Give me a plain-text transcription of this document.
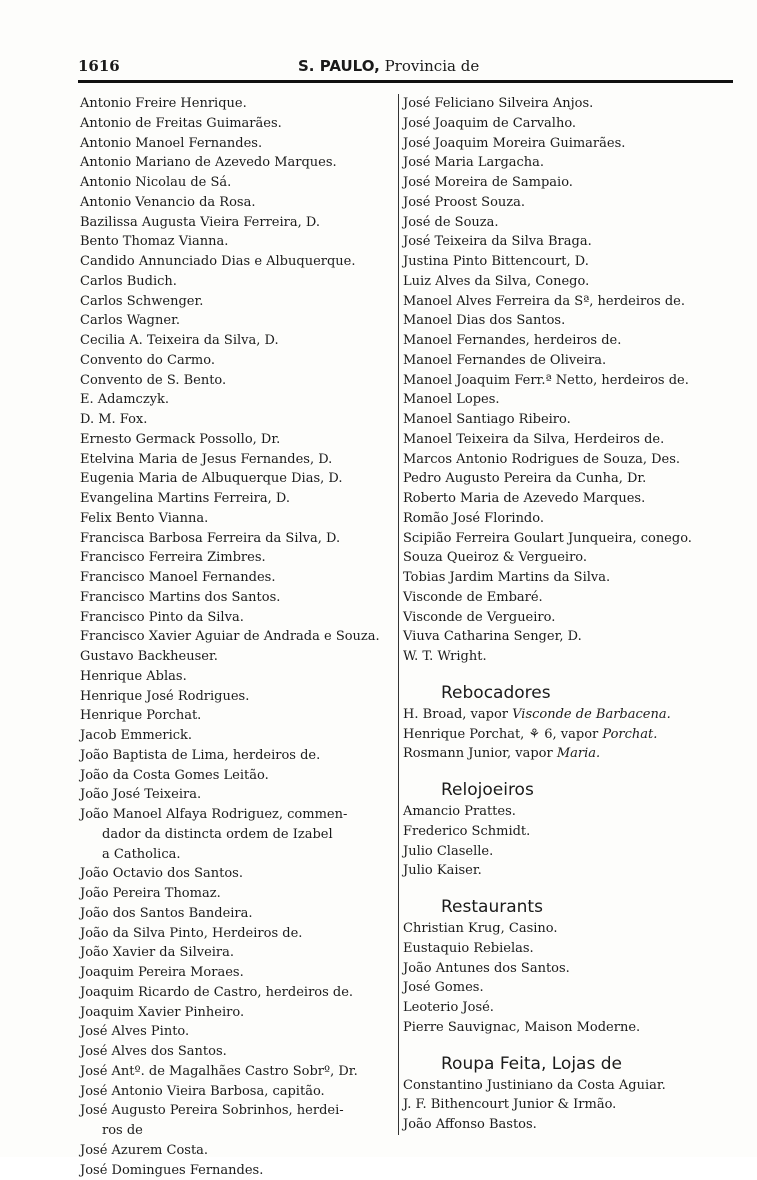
1616	S. PAULO, Provincia de
Antonio Freire Henrique.
Antonio de Freitas Guimarães.
Antonio Manoel Fernandes.
Antonio Mariano de Azevedo Marques.
Antonio Nicolau de Sá.
Antonio Venancio da Rosa.
Bazilissa Augusta Vieira Ferreira, D.
Bento Thomaz Vianna.
Candido Annunciado Dias e Albuquerque.
Carlos Budich.
Carlos Schwenger.
Carlos Wagner.
Cecilia A. Teixeira da Silva, D.
Convento do Carmo.
Convento de S. Bento.
E. Adamczyk.
D. M. Fox.
Ernesto Germack Possollo, Dr.
Etelvina Maria de Jesus Fernandes, D.
Eugenia Maria de Albuquerque Dias, D.
Evangelina Martins Ferreira, D.
Felix Bento Vianna.
Francisca Barbosa Ferreira da Silva, D.
Francisco Ferreira Zimbres.
Francisco Manoel Fernandes.
Francisco Martins dos Santos.
Francisco Pinto da Silva.
Francisco Xavier Aguiar de Andrada e Souza.
Gustavo Backheuser.
Henrique Ablas.
Henrique José Rodrigues.
Henrique Porchat.
Jacob Emmerick.
João Baptista de Lima, herdeiros de.
João da Costa Gomes Leitão.
João José Teixeira.
João Manoel Alfaya Rodriguez, commen-
dador da distincta ordem de Izabel
a Catholica.
João Octavio dos Santos.
João Pereira Thomaz.
João dos Santos Bandeira.
João da Silva Pinto, Herdeiros de.
João Xavier da Silveira.
Joaquim Pereira Moraes.
Joaquim Ricardo de Castro, herdeiros de.
Joaquim Xavier Pinheiro.
José Alves Pinto.
José Alves dos Santos.
José Antº. de Magalhães Castro Sobrº, Dr.
José Antonio Vieira Barbosa, capitão.
José Augusto Pereira Sobrinhos, herdei-
ros de
José Azurem Costa.
José Domingues Fernandes.
José Feliciano Silveira Anjos.
José Joaquim de Carvalho.
José Joaquim Moreira Guimarães.
José Maria Largacha.
José Moreira de Sampaio.
José Proost Souza.
José de Souza.
José Teixeira da Silva Braga.
Justina Pinto Bittencourt, D.
Luiz Alves da Silva, Conego.
Manoel Alves Ferreira da Sª, herdeiros de.
Manoel Dias dos Santos.
Manoel Fernandes, herdeiros de.
Manoel Fernandes de Oliveira.
Manoel Joaquim Ferr.ª Netto, herdeiros de.
Manoel Lopes.
Manoel Santiago Ribeiro.
Manoel Teixeira da Silva, Herdeiros de.
Marcos Antonio Rodrigues de Souza, Des.
Pedro Augusto Pereira da Cunha, Dr.
Roberto Maria de Azevedo Marques.
Romão José Florindo.
Scipião Ferreira Goulart Junqueira, conego.
Souza Queiroz & Vergueiro.
Tobias Jardim Martins da Silva.
Visconde de Embaré.
Visconde de Vergueiro.
Viuva Catharina Senger, D.
W. T. Wright.
Rebocadores
H. Broad, vapor Visconde de Barbacena.
Henrique Porchat, ⚘ 6, vapor Porchat.
Rosmann Junior, vapor Maria.
Relojoeiros
Amancio Prattes.
Frederico Schmidt.
Julio Claselle.
Julio Kaiser.
Restaurants
Christian Krug, Casino.
Eustaquio Rebielas.
João Antunes dos Santos.
José Gomes.
Leoterio José.
Pierre Sauvignac, Maison Moderne.
Roupa Feita, Lojas de
Constantino Justiniano da Costa Aguiar.
J. F. Bithencourt Junior & Irmão.
João Affonso Bastos.
